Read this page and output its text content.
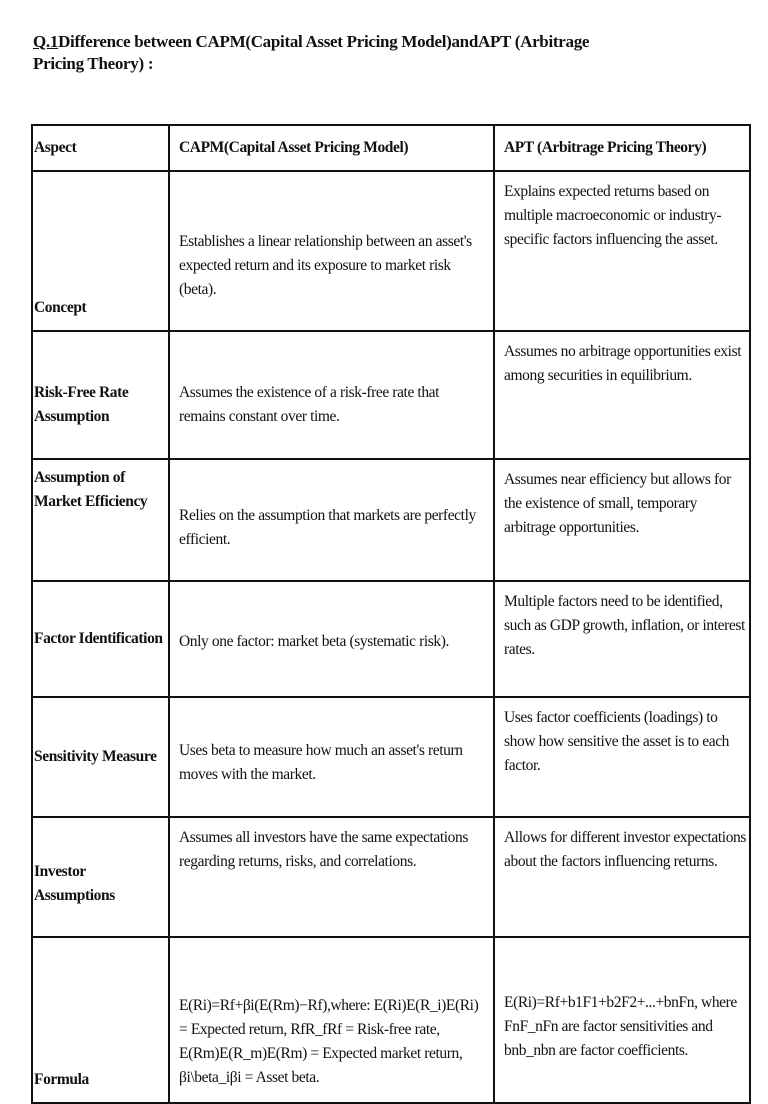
Q.1Difference between CAPM(Capital Asset Pricing Model)andAPT (Arbitrage
Pricing Theory) :
Aspect	CAPM(Capital Asset Pricing Model)	APT (Arbitrage Pricing Theory)
Concept	Establishes a linear relationship between an asset's expected return and its exposure to market risk (beta).	Explains expected returns based on multiple macroeconomic or industry-specific factors influencing the asset.
Risk-Free Rate Assumption	Assumes the existence of a risk-free rate that remains constant over time.	Assumes no arbitrage opportunities exist among securities in equilibrium.
Assumption of Market Efficiency	Relies on the assumption that markets are perfectly efficient.	Assumes near efficiency but allows for the existence of small, temporary arbitrage opportunities.
Factor Identification	Only one factor: market beta (systematic risk).	Multiple factors need to be identified, such as GDP growth, inflation, or interest rates.
Sensitivity Measure	Uses beta to measure how much an asset's return moves with the market.	Uses factor coefficients (loadings) to show how sensitive the asset is to each factor.
Investor Assumptions	Assumes all investors have the same expectations regarding returns, risks, and correlations.	Allows for different investor expectations about the factors influencing returns.
Formula	E(Ri)=Rf+βi(E(Rm)−Rf),where: E(Ri)E(R_i)E(Ri) = Expected return, RfR_fRf = Risk-free rate, E(Rm)E(R_m)E(Rm) = Expected market return, βi\beta_iβi = Asset beta.	E(Ri)=Rf+b1F1+b2F2+...+bnFn, where FnF_nFn are factor sensitivities and bnb_nbn are factor coefficients.
